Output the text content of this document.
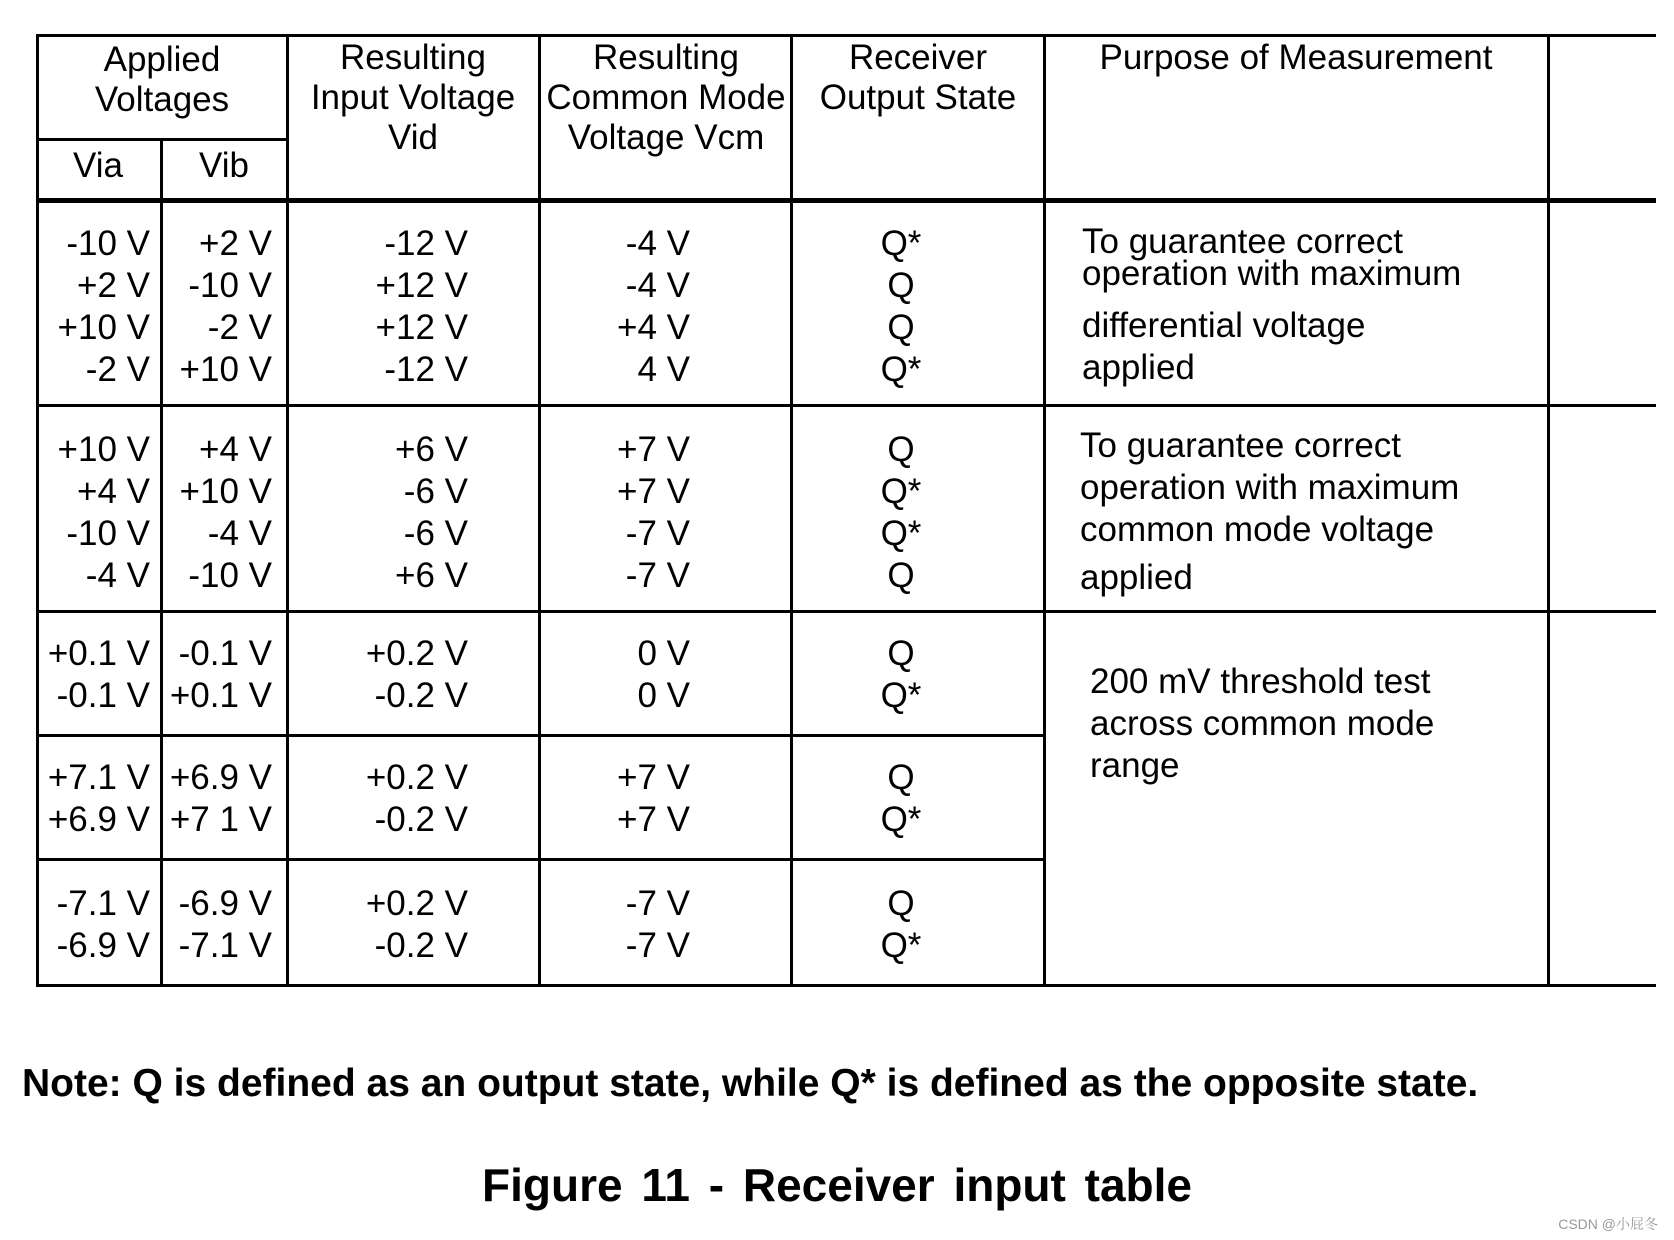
Applied Voltages
Via	Vib
Resulting Input Voltage Vid
Resulting Common Mode Voltage Vcm
Receiver Output State
Purpose of Measurement
-10 V	+2 V	-12 V	-4 V	Q*
+2 V	-10 V	+12 V	-4 V	Q
+10 V	-2 V	+12 V	+4 V	Q
-2 V +10 V	-12 V	4 V	Q*
To guarantee correct
operation with maximum
differential voltage
applied
+10 V	+4 V	+6 V	+7 V	Q
+4 V +10 V	-6 V	+7 V	Q*
-10 V	-4 V	-6 V	-7 V	Q*
-4 V	-10 V	+6 V	-7 V	Q
To guarantee correct
operation with maximum
common mode voltage
applied
+0.1 V -0.1 V	+0.2 V	0 V	Q
-0.1 V +0.1 V	-0.2 V	0 V	Q*
+7.1 V +6.9 V	+0.2 V	+7 V	Q
+6.9 V +7 1 V	-0.2 V	+7 V	Q*
-7.1 V -6.9 V	+0.2 V	-7 V	Q
-6.9 V -7.1 V	-0.2 V	-7 V	Q*
200 mV threshold test
across common mode
range
Note: Q is defined as an output state, while Q* is defined as the opposite state.
Figure 11 - Receiver input table
CSDN @小屁冬
